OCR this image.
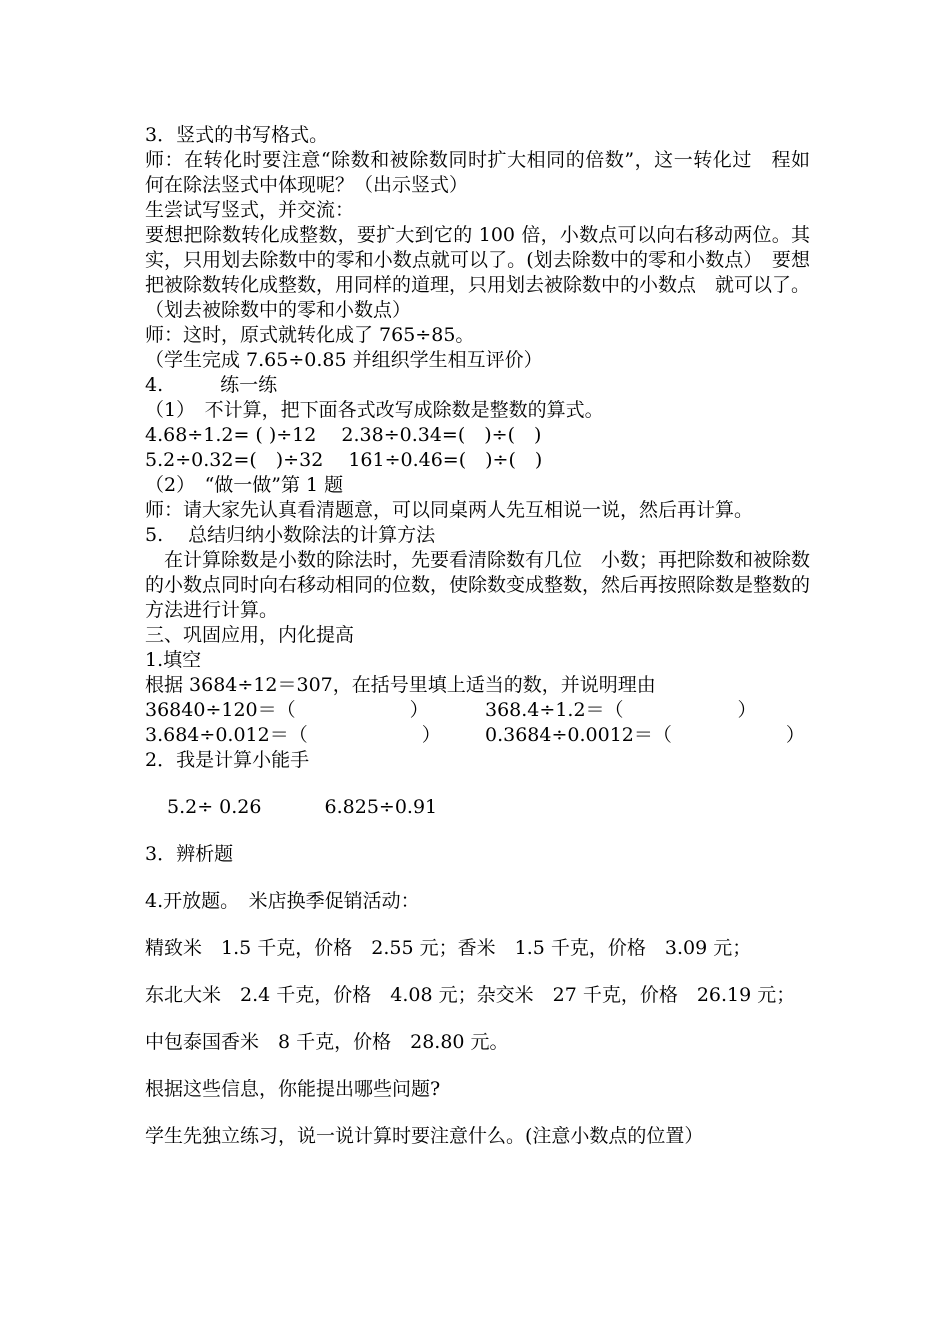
3．竖式的书写格式。
师：在转化时要注意“除数和被除数同时扩大相同的倍数”，这一转化过　程如何在除法竖式中体现呢？（出示竖式）
生尝试写竖式，并交流：
要想把除数转化成整数，要扩大到它的 100 倍，小数点可以向右移动两位。其实，只用划去除数中的零和小数点就可以了。(划去除数中的零和小数点）　要想把被除数转化成整数，用同样的道理，只用划去被除数中的小数点　就可以了。（划去被除数中的零和小数点）
师：这时，原式就转化成了 765÷85。
（学生完成 7.65÷0.85 并组织学生相互评价）
4.　　　练一练
（1）　不计算，把下面各式改写成除数是整数的算式。
4.68÷1.2= ( )÷12　 2.38÷0.34=(　)÷(　)
5.2÷0.32=(　)÷32　 161÷0.46=(　)÷(　)
（2）　“做一做”第 1 题
师：请大家先认真看清题意，可以同桌两人先互相说一说，然后再计算。
5.　 总结归纳小数除法的计算方法
　在计算除数是小数的除法时，先要看清除数有几位　小数；再把除数和被除数的小数点同时向右移动相同的位数，使除数变成整数，然后再按照除数是整数的方法进行计算。
三、巩固应用，内化提高
1.填空
根据 3684÷12＝307，在括号里填上适当的数，并说明理由
36840÷120＝（　　　　　　）	368.4÷1.2＝（　　　　　　）
3.684÷0.012＝（　　　　　　）	0.3684÷0.0012＝（　　　　　　）
2．我是计算小能手
5.2÷ 0.26　　　 6.825÷0.91
3．辨析题
4.开放题。　米店换季促销活动：
精致米　1.5 千克，价格　2.55 元；香米　1.5 千克，价格　3.09 元；
东北大米　2.4 千克，价格　4.08 元；杂交米　27 千克，价格　26.19 元；
中包泰国香米　8 千克，价格　28.80 元。
根据这些信息，你能提出哪些问题?
学生先独立练习，说一说计算时要注意什么。(注意小数点的位置）
